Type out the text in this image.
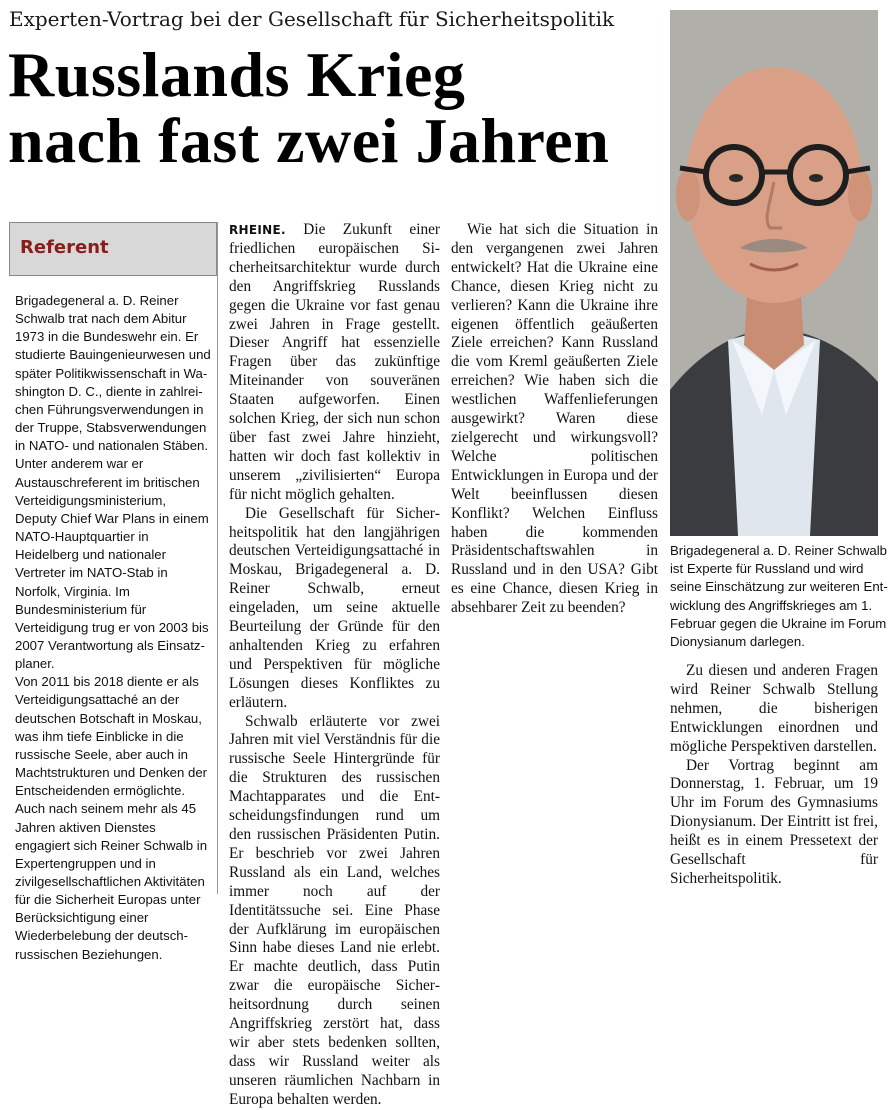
Experten-Vortrag bei der Gesellschaft für Sicherheitspolitik
Russlands Krieg
nach fast zwei Jahren
Referent

Brigadegeneral a. D. Reiner Schwalb trat nach dem Abitur 1973 in die Bundeswehr ein. Er studierte Bauingenieurwesen und später Politikwissenschaft in Washington D. C., diente in zahlreichen Führungsverwendungen in der Truppe, Stabsverwendungen in NATO- und nationalen Stäben. Unter anderem war er Austauschreferent im britischen Verteidigungsministerium, Deputy Chief War Plans in einem NATO-Hauptquartier in Heidelberg und nationaler Vertreter im NATO-Stab in Norfolk, Virginia. Im Bundesministerium für Verteidigung trug er von 2003 bis 2007 Verantwortung als Einsatzplaner.

Von 2011 bis 2018 diente er als Verteidigungsattaché an der deutschen Botschaft in Moskau, was ihm tiefe Einblicke in die russische Seele, aber auch in Machtstrukturen und Denken der Entscheidenden ermöglichte.

Auch nach seinem mehr als 45 Jahren aktiven Dienstes engagiert sich Reiner Schwalb in Expertengruppen und in zivilgesellschaftlichen Aktivitäten für die Sicherheit Europas unter Berücksichtigung einer Wiederbelebung der deutsch-russischen Beziehungen.

RHEINE. Die Zukunft einer friedlichen europäischen Sicherheitsarchitektur wurde durch den Angriffskrieg Russlands gegen die Ukraine vor fast genau zwei Jahren in Frage gestellt. Dieser Angriff hat essenzielle Fragen über das zukünftige Miteinander von souveränen Staaten aufgeworfen. Einen solchen Krieg, der sich nun schon über fast zwei Jahre hinzieht, hatten wir doch fast kollektiv in unserem „zivilisierten“ Europa für nicht möglich gehalten.

Die Gesellschaft für Sicherheitspolitik hat den langjährigen deutschen Verteidigungsattaché in Moskau, Brigadegeneral a. D. Reiner Schwalb, erneut eingeladen, um seine aktuelle Beurteilung der Gründe für den anhaltenden Krieg zu erfahren und Perspektiven für mögliche Lösungen dieses Konfliktes zu erläutern.

Schwalb erläuterte vor zwei Jahren mit viel Verständnis für die russische Seele Hintergründe für die Strukturen des russischen Machtapparates und die Entscheidungsfindungen rund um den russischen Präsidenten Putin. Er beschrieb vor zwei Jahren Russland als ein Land, welches immer noch auf der Identitätssuche sei. Eine Phase der Aufklärung im europäischen Sinn habe dieses Land nie erlebt. Er machte deutlich, dass Putin zwar die europäische Sicherheitsordnung durch seinen Angriffskrieg zerstört hat, dass wir aber stets bedenken sollten, dass wir Russland weiter als unseren räumlichen Nachbarn in Europa behalten werden.

Wie hat sich die Situation in den vergangenen zwei Jahren entwickelt? Hat die Ukraine eine Chance, diesen Krieg nicht zu verlieren? Kann die Ukraine ihre eigenen öffentlich geäußerten Ziele erreichen? Kann Russland die vom Kreml geäußerten Ziele erreichen? Wie haben sich die westlichen Waffenlieferungen ausgewirkt? Waren diese zielgerecht und wirkungsvoll? Welche politischen Entwicklungen in Europa und der Welt beeinflussen diesen Konflikt? Welchen Einfluss haben die kommenden Präsidentschaftswahlen in Russland und in den USA? Gibt es eine Chance, diesen Krieg in absehbarer Zeit zu beenden?

Brigadegeneral a. D. Reiner Schwalb
ist Experte für Russland und wird
seine Einschätzung zur weiteren Ent-
wicklung des Angriffskrieges am 1.
Februar gegen die Ukraine im Forum
Dionysianum darlegen.

Zu diesen und anderen Fragen wird Reiner Schwalb Stellung nehmen, die bisherigen Entwicklungen einordnen und mögliche Perspektiven darstellen.

Der Vortrag beginnt am Donnerstag, 1. Februar, um 19 Uhr im Forum des Gymnasiums Dionysianum. Der Eintritt ist frei, heißt es in einem Pressetext der Gesellschaft für Sicherheitspolitik.
